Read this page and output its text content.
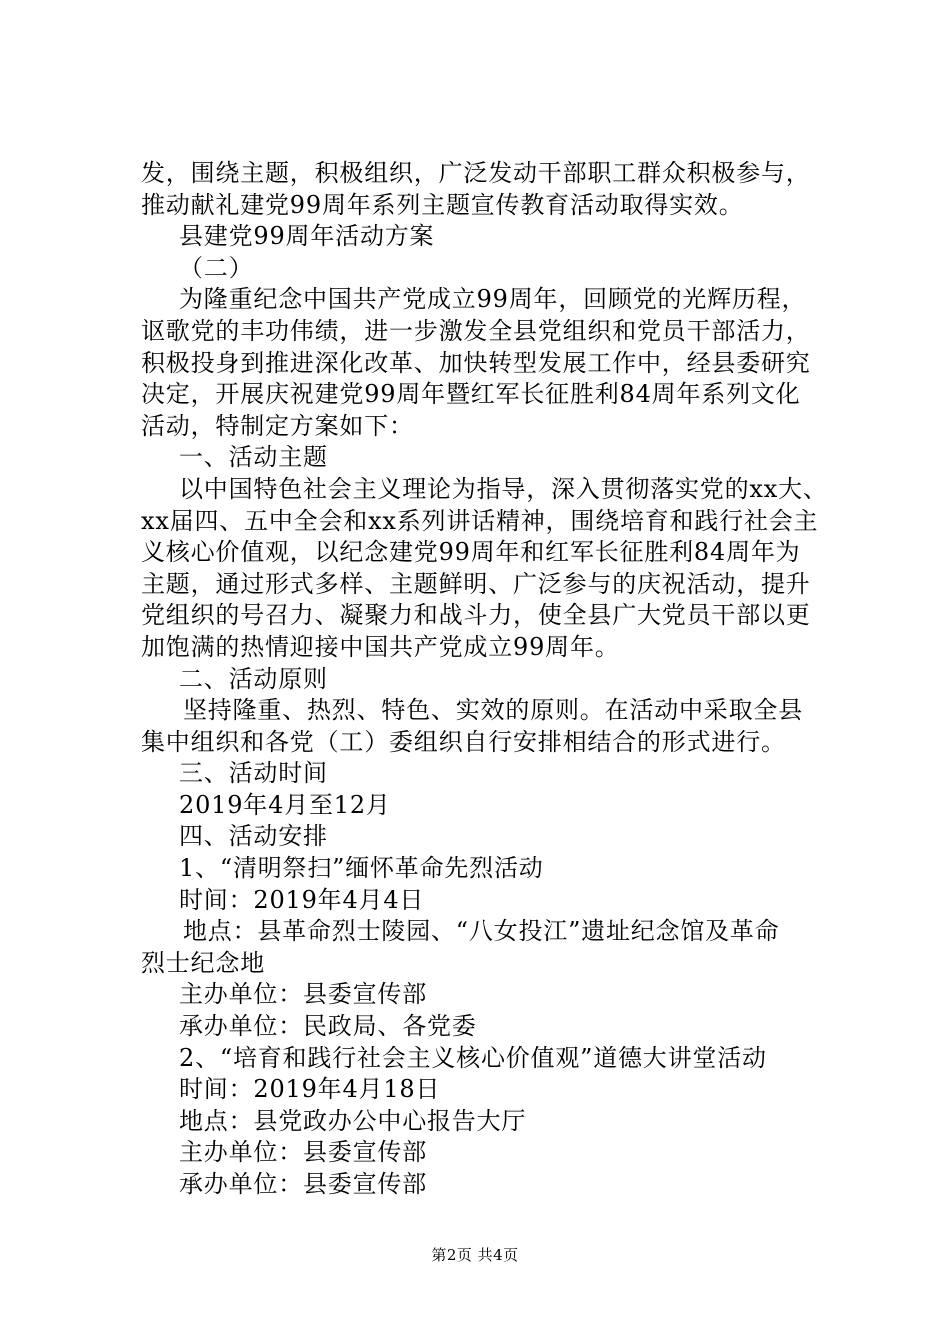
发，围绕主题，积极组织，广泛发动干部职工群众积极参与，
推动献礼建党99周年系列主题宣传教育活动取得实效。
县建党99周年活动方案
（二）
为隆重纪念中国共产党成立99周年，回顾党的光辉历程，
讴歌党的丰功伟绩，进一步激发全县党组织和党员干部活力，
积极投身到推进深化改革、加快转型发展工作中，经县委研究
决定，开展庆祝建党99周年暨红军长征胜利84周年系列文化
活动，特制定方案如下：
一、活动主题
以中国特色社会主义理论为指导，深入贯彻落实党的xx大、
xx届四、五中全会和xx系列讲话精神，围绕培育和践行社会主
义核心价值观，以纪念建党99周年和红军长征胜利84周年为
主题，通过形式多样、主题鲜明、广泛参与的庆祝活动，提升
党组织的号召力、凝聚力和战斗力，使全县广大党员干部以更
加饱满的热情迎接中国共产党成立99周年。
二、活动原则
坚持隆重、热烈、特色、实效的原则。在活动中采取全县
集中组织和各党（工）委组织自行安排相结合的形式进行。
三、活动时间
2019年4月至12月
四、活动安排
1、“清明祭扫”缅怀革命先烈活动
时间：2019年4月4日
地点：县革命烈士陵园、“八女投江”遗址纪念馆及革命
烈士纪念地
主办单位：县委宣传部
承办单位：民政局、各党委
2、“培育和践行社会主义核心价值观”道德大讲堂活动
时间：2019年4月18日
地点：县党政办公中心报告大厅
主办单位：县委宣传部
承办单位：县委宣传部
第2页 共4页
